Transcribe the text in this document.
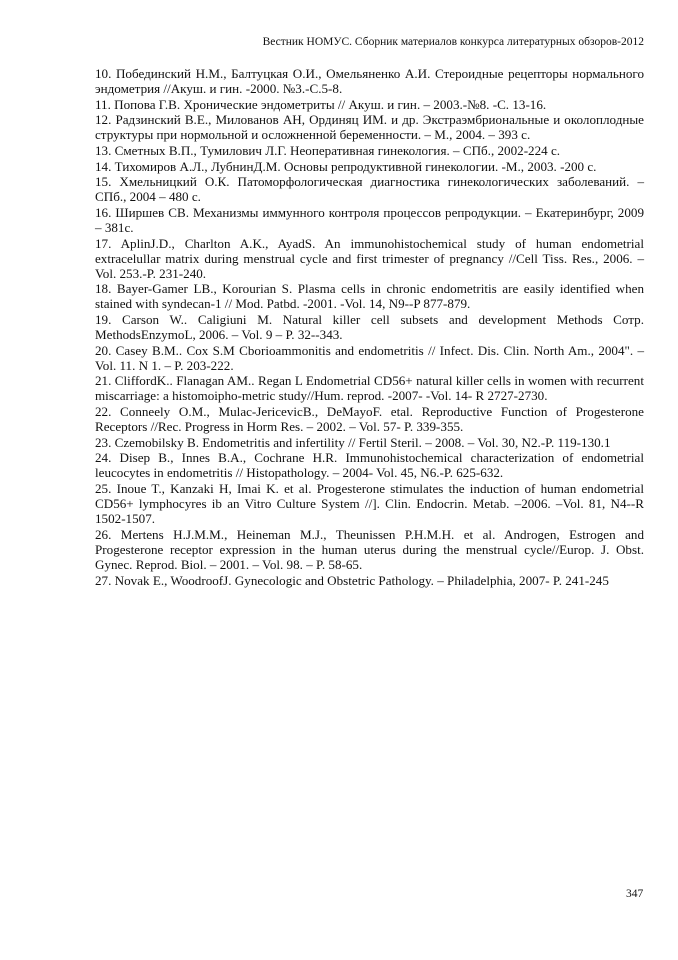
Вестник НОМУС. Сборник материалов конкурса литературных обзоров-2012

10. Побединский Н.М., Балтуцкая О.И., Омельяненко А.И. Стероидные рецепторы нормального эндометрия //Акуш. и гин. -2000. №3.-С.5-8.

11. Попова Г.В. Хронические эндометриты // Акуш. и гин. – 2003.-№8. -С. 13-16.

12. Радзинский В.Е., Милованов АН, Ординяц ИМ. и др. Экстраэмбриональные и околоплодные структуры при нормольной и осложненной беременности. – М., 2004. – 393 с.

13. Сметных В.П., Тумилович Л.Г. Неоперативная гинекология. – СПб., 2002-224 с.

14. Тихомиров А.Л., ЛубнинД.М. Основы репродуктивной гинекологии. -М., 2003. -200 с.

15. Хмельницкий О.К. Патоморфологическая диагностика гинекологических заболеваний. – СПб., 2004 – 480 с.

16. Ширшев СВ. Механизмы иммунного контроля процессов репродукции. – Екатеринбург, 2009 – 381с.

17. AplinJ.D., Charlton A.K., AyadS. An immunohistochemical study of human endometrial extracelullar matrix during menstrual cycle and first trimester of pregnancy //Cell Tiss. Res., 2006. – Vol. 253.-P. 231-240.

18. Bayer-Gamer LB., Korourian S. Plasma cells in chronic endometritis are easily identified when stained with syndecan-1 // Mod. Patbd. -2001. -Vol. 14, N9--P 877-879.

19. Carson W.. Caligiuni M. Natural killer cell subsets and development Methods Сотр. MethodsEnzymoL, 2006. – Vol. 9 – P. 32--343.

20. Casey B.M.. Cox S.M Cborioammonitis and endometritis // Infect. Dis. Clin. North Am., 2004". – Vol. 11. N 1. – P. 203-222.

21. CliffordK.. Flanagan AM.. Regan L Endometrial CD56+ natural killer cells in women with recurrent miscarriage: a histomoipho-metric study//Hum. reprod. -2007- -Vol. 14- R 2727-2730.

22. Conneely O.M., Mulac-JericevicB., DeMayoF. etal. Reproductive Function of Progesterone Receptors //Rec. Progress in Horm Res. – 2002. – Vol. 57- P. 339-355.

23. Czemobilsky B. Endometritis and infertility // Fertil Steril. – 2008. – Vol. 30, N2.-P. 119-130.1

24. Disep B., Innes B.A., Cochrane H.R. Immunohistochemical characterization of endometrial leucocytes in endometritis // Histopathology. – 2004- Vol. 45, N6.-P. 625-632.

25. Inoue T., Kanzaki H, Imai K. et al. Progesterone stimulates the induction of human endometrial CD56+ lymphocyres ib an Vitro Culture System //]. Clin. Endocrin. Metab. –2006. –Vol. 81, N4--R 1502-1507.

26. Mertens H.J.M.M., Heineman M.J., Theunissen P.H.M.H. et al. Androgen, Estrogen and Progesterone receptor expression in the human uterus during the menstrual cycle//Europ. J. Obst. Gynec. Reprod. Biol. – 2001. – Vol. 98. – P. 58-65.

27. Novak E., WoodroofJ. Gynecologic and Obstetric Pathology. – Philadelphia, 2007- P. 241-245

347
